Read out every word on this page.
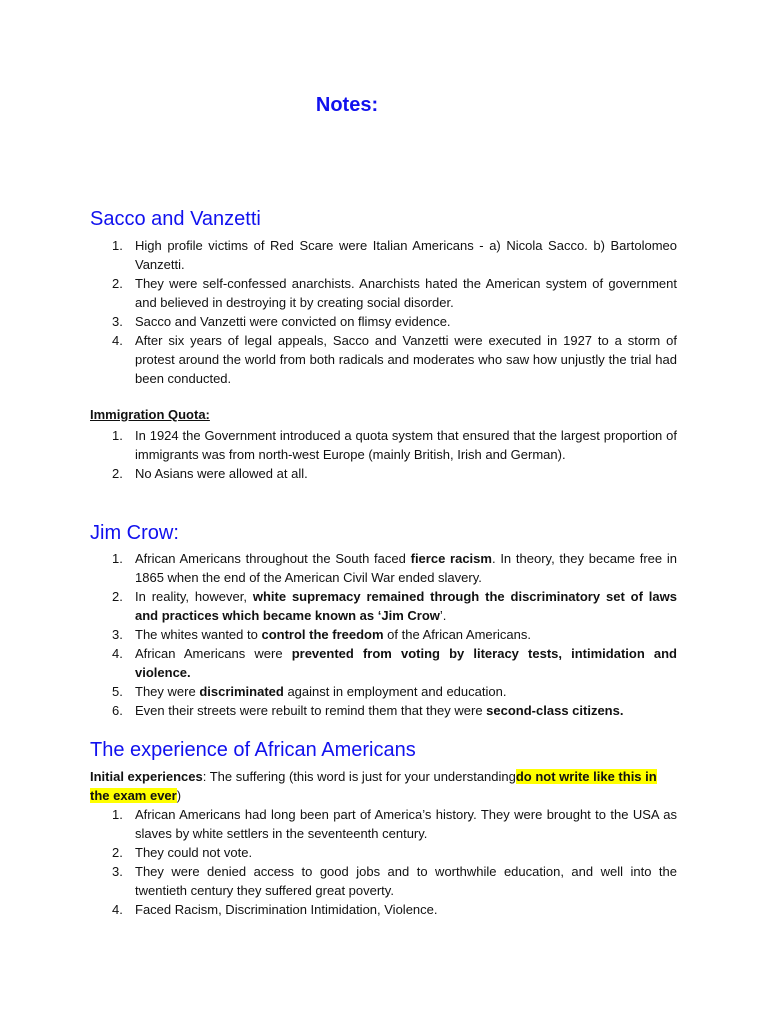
Notes:
Sacco and Vanzetti
1. High profile victims of Red Scare were Italian Americans - a) Nicola Sacco. b) Bartolomeo Vanzetti.
2. They were self-confessed anarchists. Anarchists hated the American system of government and believed in destroying it by creating social disorder.
3. Sacco and Vanzetti were convicted on flimsy evidence.
4. After six years of legal appeals, Sacco and Vanzetti were executed in 1927 to a storm of protest around the world from both radicals and moderates who saw how unjustly the trial had been conducted.
Immigration Quota:
1. In 1924 the Government introduced a quota system that ensured that the largest proportion of immigrants was from north-west Europe (mainly British, Irish and German).
2. No Asians were allowed at all.
Jim Crow:
1. African Americans throughout the South faced fierce racism. In theory, they became free in 1865 when the end of the American Civil War ended slavery.
2. In reality, however, white supremacy remained through the discriminatory set of laws and practices which became known as ‘Jim Crow’.
3. The whites wanted to control the freedom of the African Americans.
4. African Americans were prevented from voting by literacy tests, intimidation and violence.
5. They were discriminated against in employment and education.
6. Even their streets were rebuilt to remind them that they were second-class citizens.
The experience of African Americans

Initial experiences: The suffering (this word is just for your understandingdo not write like this in the exam ever)

1. African Americans had long been part of America’s history. They were brought to the USA as slaves by white settlers in the seventeenth century.
2. They could not vote.
3. They were denied access to good jobs and to worthwhile education, and well into the twentieth century they suffered great poverty.
4. Faced Racism, Discrimination Intimidation, Violence.
